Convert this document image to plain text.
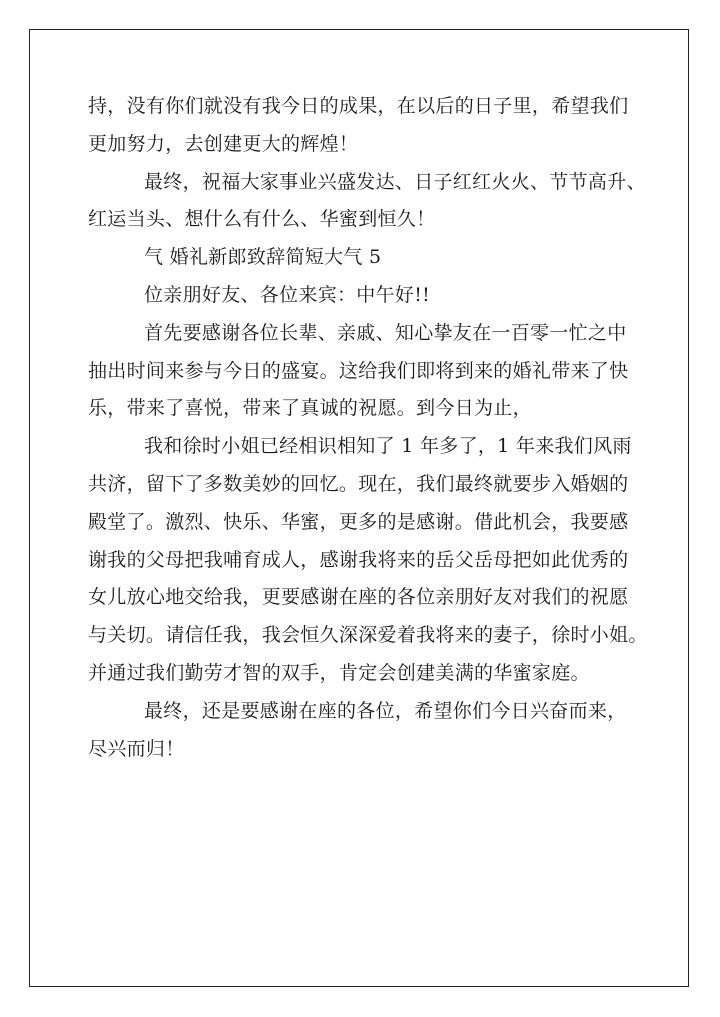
持，没有你们就没有我今日的成果，在以后的日子里，希望我们
更加努力，去创建更大的辉煌！
最终，祝福大家事业兴盛发达、日子红红火火、节节高升、
红运当头、想什么有什么、华蜜到恒久！
气 婚礼新郎致辞简短大气 5
位亲朋好友、各位来宾：中午好!!
首先要感谢各位长辈、亲戚、知心挚友在一百零一忙之中
抽出时间来参与今日的盛宴。这给我们即将到来的婚礼带来了快
乐，带来了喜悦，带来了真诚的祝愿。到今日为止，
我和徐时小姐已经相识相知了 1 年多了，1 年来我们风雨
共济，留下了多数美妙的回忆。现在，我们最终就要步入婚姻的
殿堂了。激烈、快乐、华蜜，更多的是感谢。借此机会，我要感
谢我的父母把我哺育成人，感谢我将来的岳父岳母把如此优秀的
女儿放心地交给我，更要感谢在座的各位亲朋好友对我们的祝愿
与关切。请信任我，我会恒久深深爱着我将来的妻子，徐时小姐。
并通过我们勤劳才智的双手，肯定会创建美满的华蜜家庭。
最终，还是要感谢在座的各位，希望你们今日兴奋而来，
尽兴而归！
